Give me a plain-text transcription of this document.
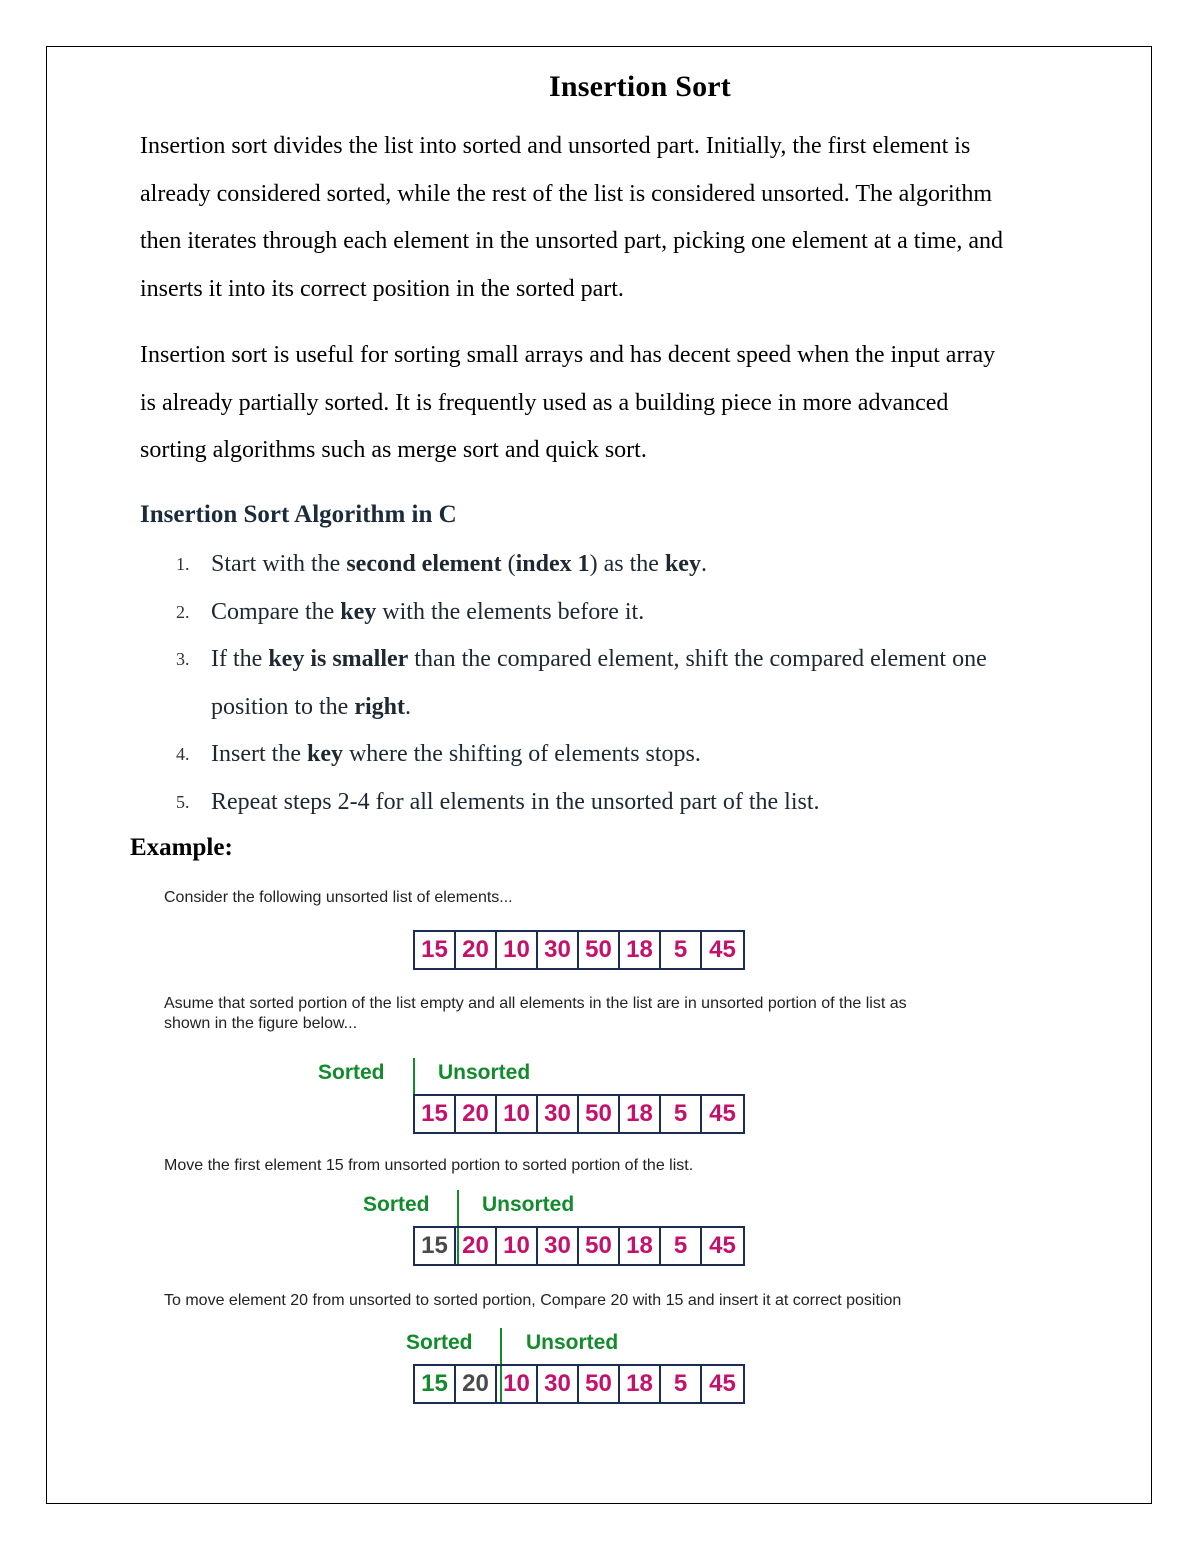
Insertion Sort
Insertion sort divides the list into sorted and unsorted part. Initially, the first element is
already considered sorted, while the rest of the list is considered unsorted. The algorithm
then iterates through each element in the unsorted part, picking one element at a time, and
inserts it into its correct position in the sorted part.
Insertion sort is useful for sorting small arrays and has decent speed when the input array
is already partially sorted. It is frequently used as a building piece in more advanced
sorting algorithms such as merge sort and quick sort.
Insertion Sort Algorithm in C
1. Start with the second element (index 1) as the key.
2. Compare the key with the elements before it.
3. If the key is smaller than the compared element, shift the compared element one
position to the right.
4. Insert the key where the shifting of elements stops.
5. Repeat steps 2-4 for all elements in the unsorted part of the list.
Example:
Consider the following unsorted list of elements...
15 20 10 30 50 18 5 45
Asume that sorted portion of the list empty and all elements in the list are in unsorted portion of the list as
shown in the figure below...
Sorted	Unsorted
15 20 10 30 50 18 5 45
Move the first element 15 from unsorted portion to sorted portion of the list.
Sorted Unsorted
15 20 10 30 50 18 5 45
To move element 20 from unsorted to sorted portion, Compare 20 with 15 and insert it at correct position
Sorted	Unsorted
15 20 10 30 50 18 5 45
